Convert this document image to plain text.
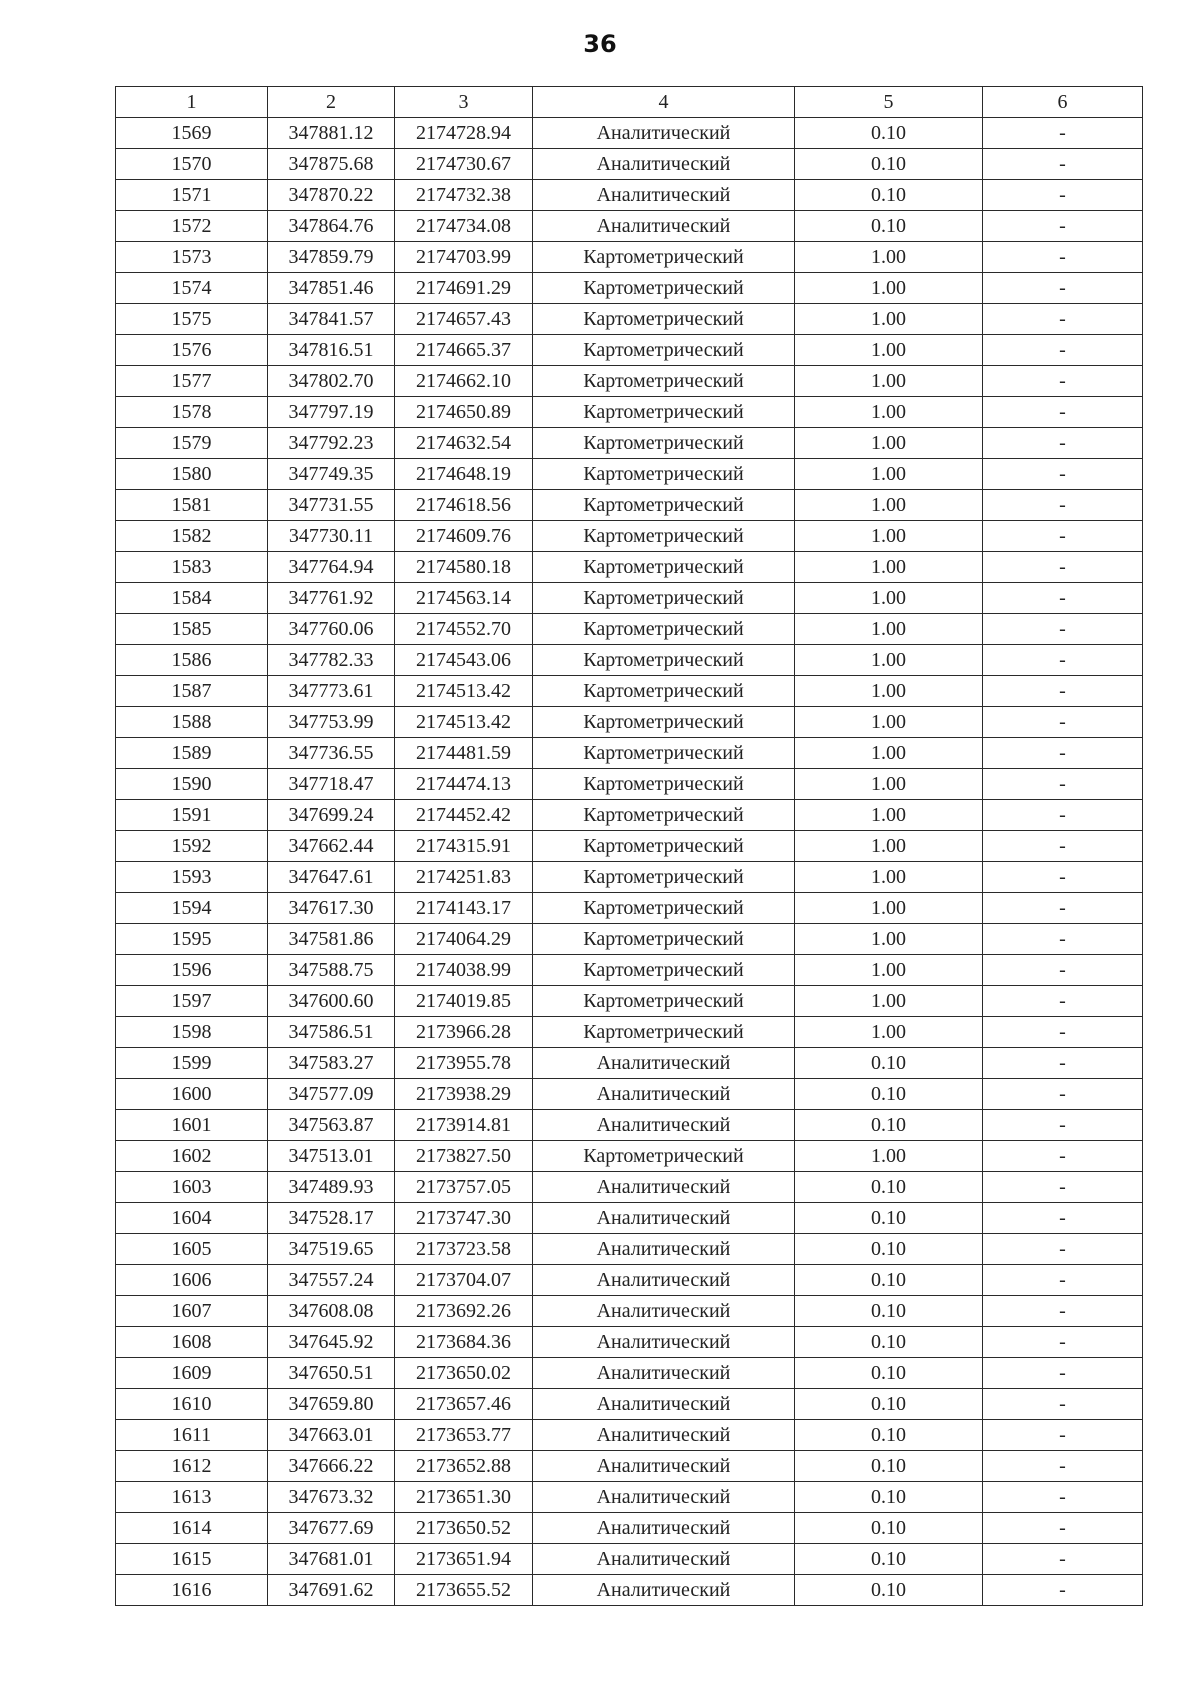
36
1	2	3	4	5	6
1569	347881.12	2174728.94	Аналитический	0.10	-
1570	347875.68	2174730.67	Аналитический	0.10	-
1571	347870.22	2174732.38	Аналитический	0.10	-
1572	347864.76	2174734.08	Аналитический	0.10	-
1573	347859.79	2174703.99	Картометрический	1.00	-
1574	347851.46	2174691.29	Картометрический	1.00	-
1575	347841.57	2174657.43	Картометрический	1.00	-
1576	347816.51	2174665.37	Картометрический	1.00	-
1577	347802.70	2174662.10	Картометрический	1.00	-
1578	347797.19	2174650.89	Картометрический	1.00	-
1579	347792.23	2174632.54	Картометрический	1.00	-
1580	347749.35	2174648.19	Картометрический	1.00	-
1581	347731.55	2174618.56	Картометрический	1.00	-
1582	347730.11	2174609.76	Картометрический	1.00	-
1583	347764.94	2174580.18	Картометрический	1.00	-
1584	347761.92	2174563.14	Картометрический	1.00	-
1585	347760.06	2174552.70	Картометрический	1.00	-
1586	347782.33	2174543.06	Картометрический	1.00	-
1587	347773.61	2174513.42	Картометрический	1.00	-
1588	347753.99	2174513.42	Картометрический	1.00	-
1589	347736.55	2174481.59	Картометрический	1.00	-
1590	347718.47	2174474.13	Картометрический	1.00	-
1591	347699.24	2174452.42	Картометрический	1.00	-
1592	347662.44	2174315.91	Картометрический	1.00	-
1593	347647.61	2174251.83	Картометрический	1.00	-
1594	347617.30	2174143.17	Картометрический	1.00	-
1595	347581.86	2174064.29	Картометрический	1.00	-
1596	347588.75	2174038.99	Картометрический	1.00	-
1597	347600.60	2174019.85	Картометрический	1.00	-
1598	347586.51	2173966.28	Картометрический	1.00	-
1599	347583.27	2173955.78	Аналитический	0.10	-
1600	347577.09	2173938.29	Аналитический	0.10	-
1601	347563.87	2173914.81	Аналитический	0.10	-
1602	347513.01	2173827.50	Картометрический	1.00	-
1603	347489.93	2173757.05	Аналитический	0.10	-
1604	347528.17	2173747.30	Аналитический	0.10	-
1605	347519.65	2173723.58	Аналитический	0.10	-
1606	347557.24	2173704.07	Аналитический	0.10	-
1607	347608.08	2173692.26	Аналитический	0.10	-
1608	347645.92	2173684.36	Аналитический	0.10	-
1609	347650.51	2173650.02	Аналитический	0.10	-
1610	347659.80	2173657.46	Аналитический	0.10	-
1611	347663.01	2173653.77	Аналитический	0.10	-
1612	347666.22	2173652.88	Аналитический	0.10	-
1613	347673.32	2173651.30	Аналитический	0.10	-
1614	347677.69	2173650.52	Аналитический	0.10	-
1615	347681.01	2173651.94	Аналитический	0.10	-
1616	347691.62	2173655.52	Аналитический	0.10	-
